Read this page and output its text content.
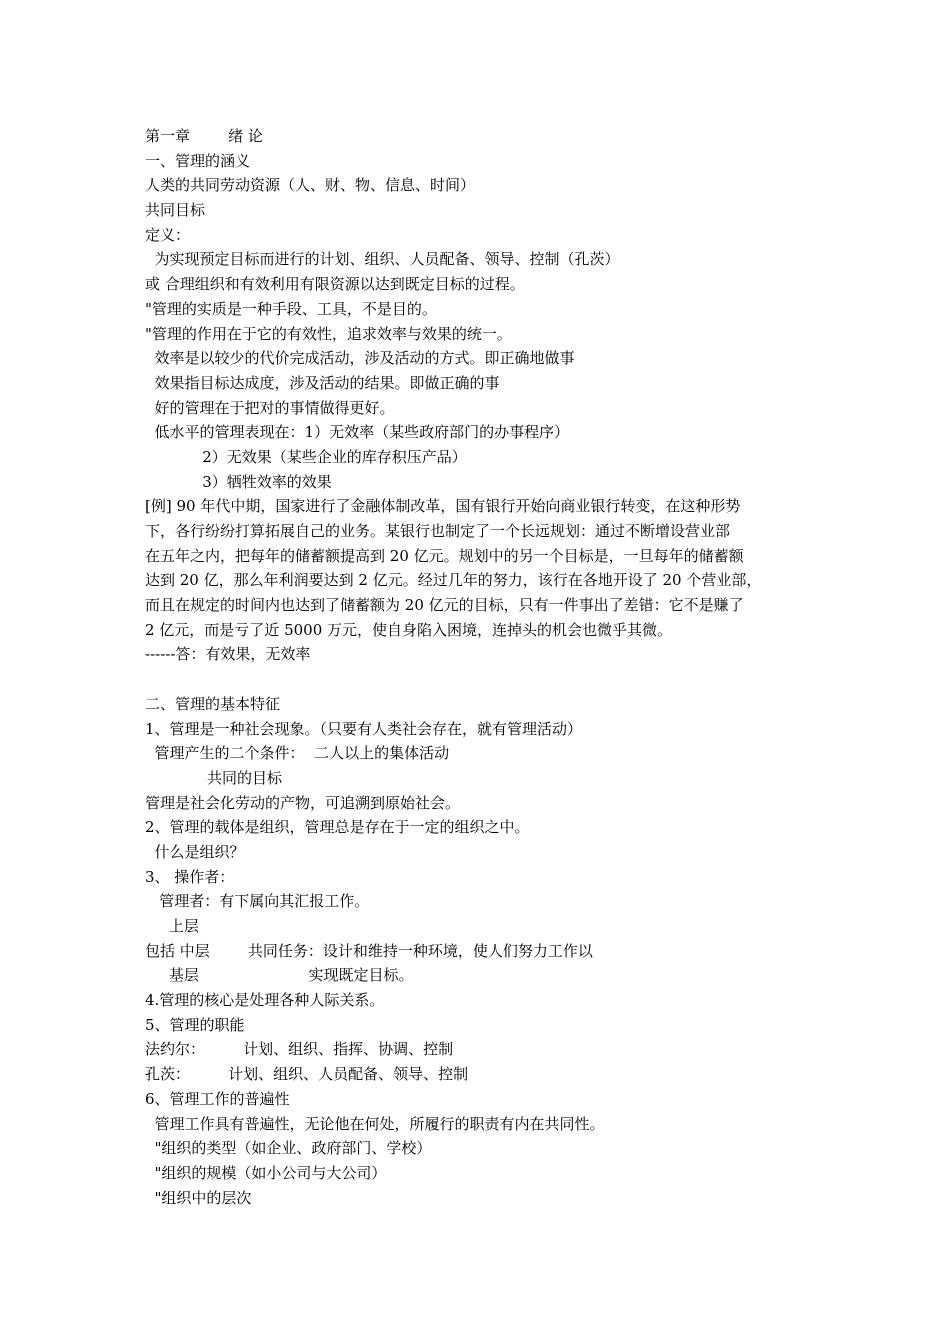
第一章        绪 论
一、管理的涵义
人类的共同劳动资源（人、财、物、信息、时间）
共同目标
定义：
为实现预定目标而进行的计划、组织、人员配备、领导、控制（孔茨）
或 合理组织和有效利用有限资源以达到既定目标的过程。
"管理的实质是一种手段、工具，不是目的。
"管理的作用在于它的有效性，追求效率与效果的统一。
效率是以较少的代价完成活动，涉及活动的方式。即正确地做事
效果指目标达成度，涉及活动的结果。即做正确的事
好的管理在于把对的事情做得更好。
低水平的管理表现在：1）无效率（某些政府部门的办事程序）
2）无效果（某些企业的库存积压产品）
3）牺牲效率的效果
[例] 90 年代中期，国家进行了金融体制改革，国有银行开始向商业银行转变，在这种形势
下，各行纷纷打算拓展自己的业务。某银行也制定了一个长远规划：通过不断增设营业部
在五年之内，把每年的储蓄额提高到 20 亿元。规划中的另一个目标是，一旦每年的储蓄额
达到 20 亿，那么年利润要达到 2 亿元。经过几年的努力，该行在各地开设了 20 个营业部，
而且在规定的时间内也达到了储蓄额为 20 亿元的目标，只有一件事出了差错：它不是赚了
2 亿元，而是亏了近 5000 万元，使自身陷入困境，连掉头的机会也微乎其微。
------答：有效果，无效率
二、管理的基本特征
1、管理是一种社会现象。（只要有人类社会存在，就有管理活动）
管理产生的二个条件：  二人以上的集体活动
共同的目标
管理是社会化劳动的产物，可追溯到原始社会。
2、管理的载体是组织，管理总是存在于一定的组织之中。
什么是组织？
3、 操作者：
管理者：有下属向其汇报工作。
上层
包括 中层        共同任务：设计和维持一种环境，使人们努力工作以
基层                       实现既定目标。
4.管理的核心是处理各种人际关系。
5、管理的职能
法约尔：        计划、组织、指挥、协调、控制
孔茨：        计划、组织、人员配备、领导、控制
6、管理工作的普遍性
管理工作具有普遍性，无论他在何处，所履行的职责有内在共同性。
"组织的类型（如企业、政府部门、学校）
"组织的规模（如小公司与大公司）
"组织中的层次
